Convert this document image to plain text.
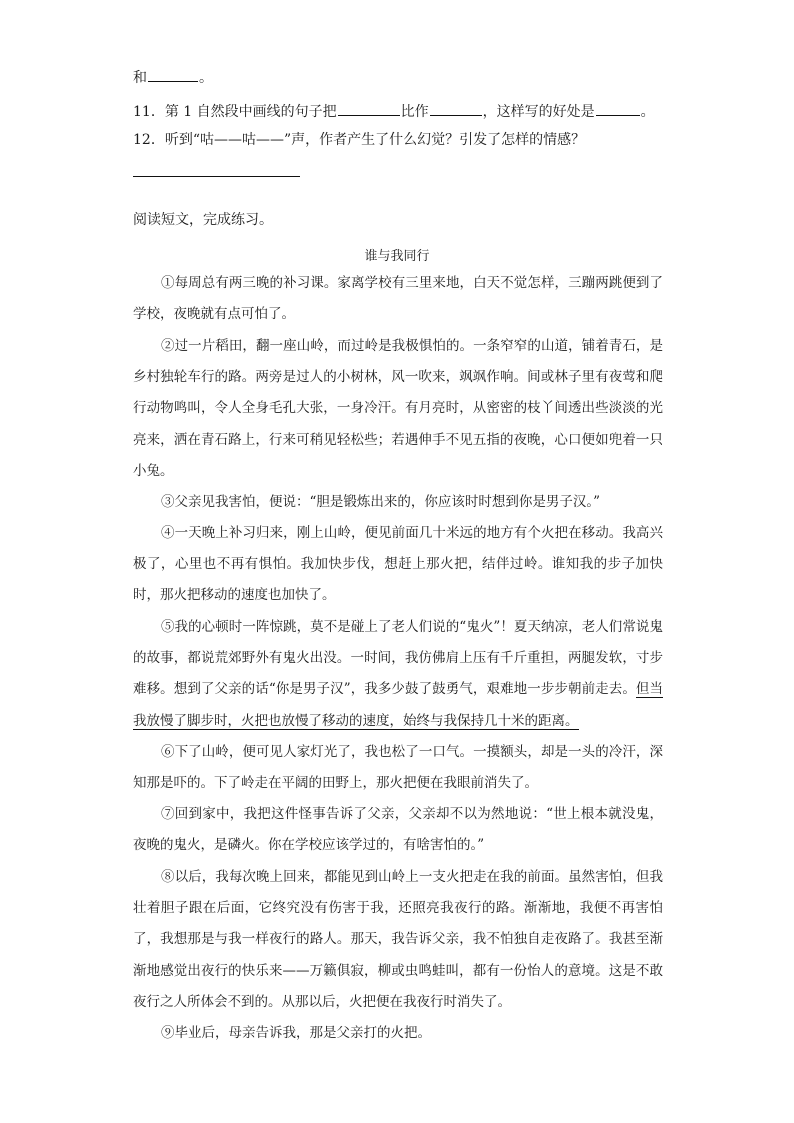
和	。
11．第 1 自然段中画线的句子把	比作	，这样写的好处是	。
12．听到“咕——咕——”声，作者产生了什么幻觉？引发了怎样的情感？
阅读短文，完成练习。
谁与我同行
①每周总有两三晚的补习课。家离学校有三里来地，白天不觉怎样，三蹦两跳便到了学校，夜晚就有点可怕了。
②过一片稻田，翻一座山岭，而过岭是我极惧怕的。一条窄窄的山道，铺着青石，是乡村独轮车行的路。两旁是过人的小树林，风一吹来，飒飒作响。间或林子里有夜莺和爬行动物鸣叫，令人全身毛孔大张，一身冷汗。有月亮时，从密密的枝丫间透出些淡淡的光亮来，洒在青石路上，行来可稍见轻松些；若遇伸手不见五指的夜晚，心口便如兜着一只小兔。
③父亲见我害怕，便说：“胆是锻炼出来的，你应该时时想到你是男子汉。”
④一天晚上补习归来，刚上山岭，便见前面几十米远的地方有个火把在移动。我高兴极了，心里也不再有惧怕。我加快步伐，想赶上那火把，结伴过岭。谁知我的步子加快时，那火把移动的速度也加快了。
⑤我的心顿时一阵惊跳，莫不是碰上了老人们说的“鬼火”！夏天纳凉，老人们常说鬼的故事，都说荒郊野外有鬼火出没。一时间，我仿佛肩上压有千斤重担，两腿发软，寸步难移。想到了父亲的话“你是男子汉”，我多少鼓了鼓勇气，艰难地一步步朝前走去。但当我放慢了脚步时，火把也放慢了移动的速度，始终与我保持几十米的距离。
⑥下了山岭，便可见人家灯光了，我也松了一口气。一摸额头，却是一头的冷汗，深知那是吓的。下了岭走在平阔的田野上，那火把便在我眼前消失了。
⑦回到家中，我把这件怪事告诉了父亲，父亲却不以为然地说：“世上根本就没鬼，夜晚的鬼火，是磷火。你在学校应该学过的，有啥害怕的。”
⑧以后，我每次晚上回来，都能见到山岭上一支火把走在我的前面。虽然害怕，但我壮着胆子跟在后面，它终究没有伤害于我，还照亮我夜行的路。渐渐地，我便不再害怕了，我想那是与我一样夜行的路人。那天，我告诉父亲，我不怕独自走夜路了。我甚至渐渐地感觉出夜行的快乐来——万籁俱寂，柳或虫鸣蛙叫，都有一份怡人的意境。这是不敢夜行之人所体会不到的。从那以后，火把便在我夜行时消失了。
⑨毕业后，母亲告诉我，那是父亲打的火把。
